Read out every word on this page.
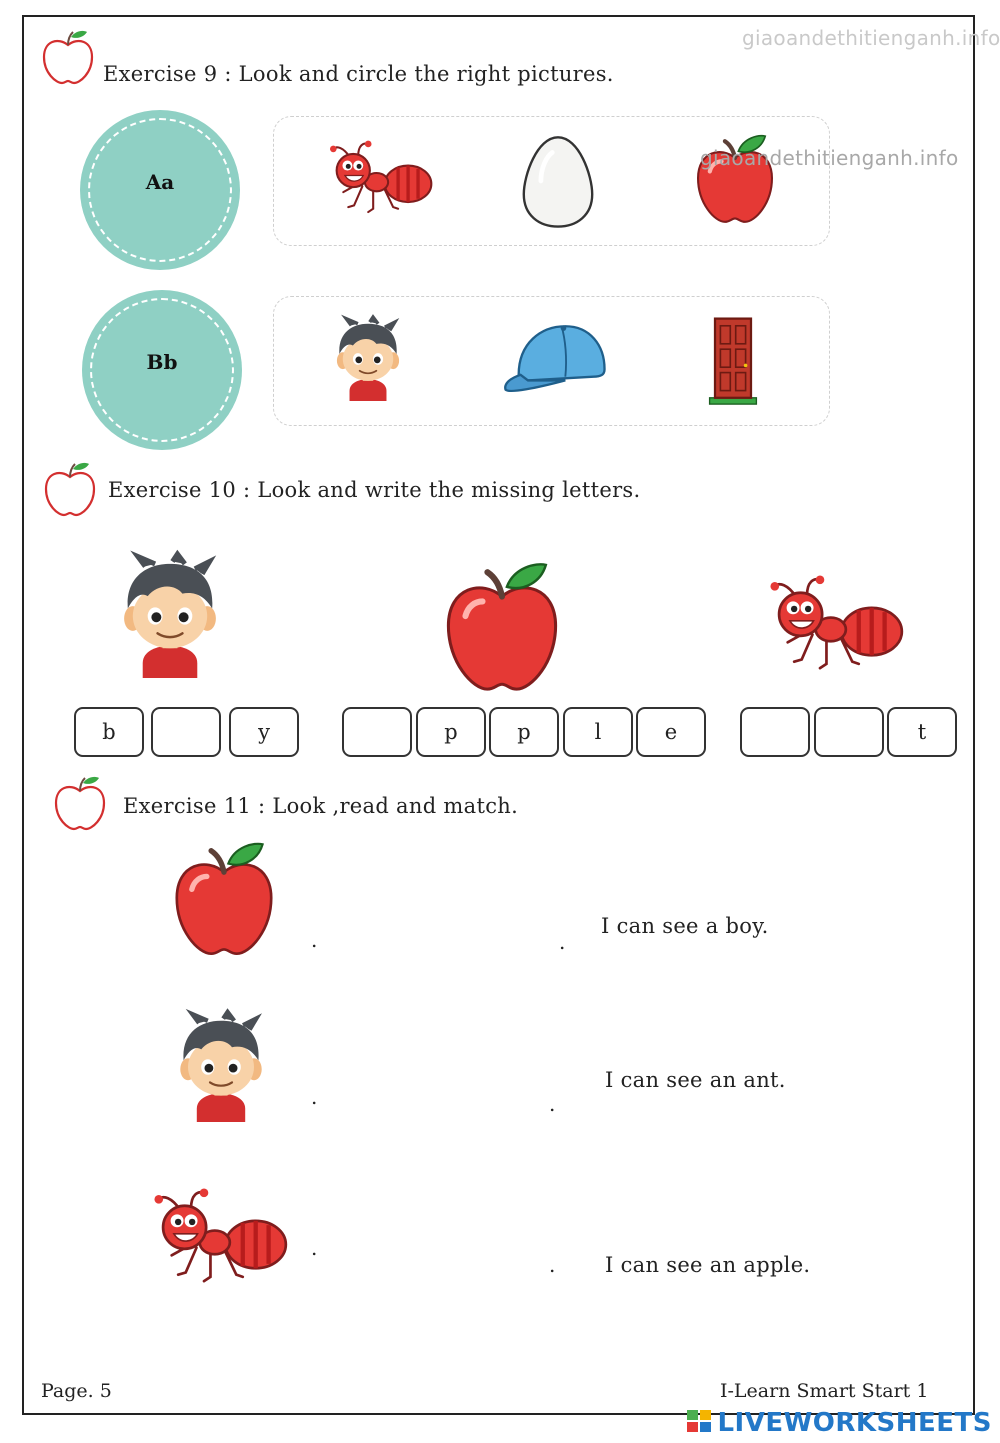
giaoandethitienganh.info
Exercise 9 : Look and circle the right pictures.
Aa
giaoandethitienganh.info
Bb
Exercise 10 : Look and write the missing letters.
b	y	p	p	l	e	t
Exercise 11 : Look ,read and match.
.	.
.	.
.
.
I can see a boy.
I can see an ant.
I can see an apple.
Page. 5	I-Learn Smart Start 1
LIVEWORKSHEETS
